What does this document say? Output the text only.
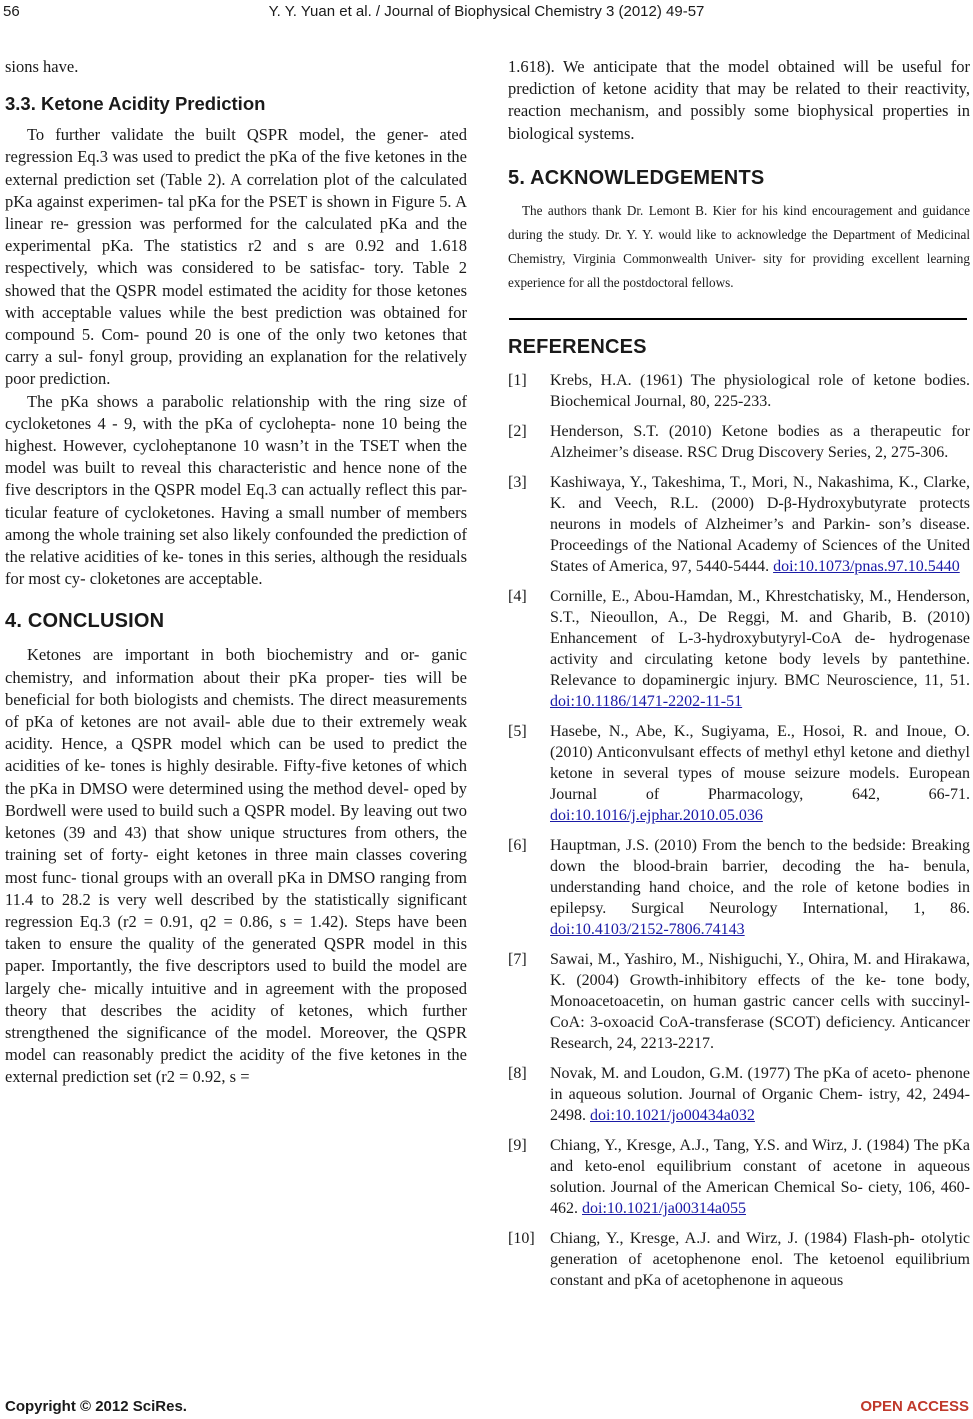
56	Y. Y. Yuan et al. / Journal of Biophysical Chemistry 3 (2012) 49-57

sions have.

3.3. Ketone Acidity Prediction

To further validate the built QSPR model, the gener- ated regression Eq.3 was used to predict the pKa of the five ketones in the external prediction set (Table 2). A correlation plot of the calculated pKa against experimen- tal pKa for the PSET is shown in Figure 5. A linear re- gression was performed for the calculated pKa and the experimental pKa. The statistics r2 and s are 0.92 and 1.618 respectively, which was considered to be satisfac- tory. Table 2 showed that the QSPR model estimated the acidity for those ketones with acceptable values while the best prediction was obtained for compound 5. Com- pound 20 is one of the only two ketones that carry a sul- fonyl group, providing an explanation for the relatively poor prediction.

The pKa shows a parabolic relationship with the ring size of cycloketones 4 - 9, with the pKa of cyclohepta- none 10 being the highest. However, cycloheptanone 10 wasn’t in the TSET when the model was built to reveal this characteristic and hence none of the five descriptors in the QSPR model Eq.3 can actually reflect this par- ticular feature of cycloketones. Having a small number of members among the whole training set also likely confounded the prediction of the relative acidities of ke- tones in this series, although the residuals for most cy- cloketones are acceptable.

4. CONCLUSION

Ketones are important in both biochemistry and or- ganic chemistry, and information about their pKa proper- ties will be beneficial for both biologists and chemists. The direct measurements of pKa of ketones are not avail- able due to their extremely weak acidity. Hence, a QSPR model which can be used to predict the acidities of ke- tones is highly desirable. Fifty-five ketones of which the pKa in DMSO were determined using the method devel- oped by Bordwell were used to build such a QSPR model. By leaving out two ketones (39 and 43) that show unique structures from others, the training set of forty- eight ketones in three main classes covering most func- tional groups with an overall pKa in DMSO ranging from 11.4 to 28.2 is very well described by the statistically significant regression Eq.3 (r2 = 0.91, q2 = 0.86, s = 1.42). Steps have been taken to ensure the quality of the generated QSPR model in this paper. Importantly, the five descriptors used to build the model are largely che- mically intuitive and in agreement with the proposed theory that describes the acidity of ketones, which further strengthened the significance of the model. Moreover, the QSPR model can reasonably predict the acidity of the five ketones in the external prediction set (r2 = 0.92, s =

1.618). We anticipate that the model obtained will be useful for prediction of ketone acidity that may be related to their reactivity, reaction mechanism, and possibly some biophysical properties in biological systems.

5. ACKNOWLEDGEMENTS

The authors thank Dr. Lemont B. Kier for his kind encouragement and guidance during the study. Dr. Y. Y. would like to acknowledge the Department of Medicinal Chemistry, Virginia Commonwealth Univer- sity for providing excellent learning experience for all the postdoctoral fellows.

REFERENCES
[1]	Krebs, H.A. (1961) The physiological role of ketone bodies. Biochemical Journal, 80, 225-233.
[2]	Henderson, S.T. (2010) Ketone bodies as a therapeutic for Alzheimer’s disease. RSC Drug Discovery Series, 2, 275-306.
[3]	Kashiwaya, Y., Takeshima, T., Mori, N., Nakashima, K., Clarke, K. and Veech, R.L. (2000) D-β-Hydroxybutyrate protects neurons in models of Alzheimer’s and Parkin- son’s disease. Proceedings of the National Academy of Sciences of the United States of America, 97, 5440-5444. doi:10.1073/pnas.97.10.5440
[4]	Cornille, E., Abou-Hamdan, M., Khrestchatisky, M., Henderson, S.T., Nieoullon, A., De Reggi, M. and Gharib, B. (2010) Enhancement of L-3-hydroxybutyryl-CoA de- hydrogenase activity and circulating ketone body levels by pantethine. Relevance to dopaminergic injury. BMC Neuroscience, 11, 51. doi:10.1186/1471-2202-11-51
[5]	Hasebe, N., Abe, K., Sugiyama, E., Hosoi, R. and Inoue, O. (2010) Anticonvulsant effects of methyl ethyl ketone and diethyl ketone in several types of mouse seizure models. European Journal of Pharmacology, 642, 66-71. doi:10.1016/j.ejphar.2010.05.036
[6]	Hauptman, J.S. (2010) From the bench to the bedside: Breaking down the blood-brain barrier, decoding the ha- benula, understanding hand choice, and the role of ketone bodies in epilepsy. Surgical Neurology International, 1, 86. doi:10.4103/2152-7806.74143
[7]	Sawai, M., Yashiro, M., Nishiguchi, Y., Ohira, M. and Hirakawa, K. (2004) Growth-inhibitory effects of the ke- tone body, Monoacetoacetin, on human gastric cancer cells with succinyl-CoA: 3-oxoacid CoA-transferase (SCOT) deficiency. Anticancer Research, 24, 2213-2217.
[8]	Novak, M. and Loudon, G.M. (1977) The pKa of aceto- phenone in aqueous solution. Journal of Organic Chem- istry, 42, 2494-2498. doi:10.1021/jo00434a032
[9]	Chiang, Y., Kresge, A.J., Tang, Y.S. and Wirz, J. (1984) The pKa and keto-enol equilibrium constant of acetone in aqueous solution. Journal of the American Chemical So- ciety, 106, 460-462. doi:10.1021/ja00314a055
[10] Chiang, Y., Kresge, A.J. and Wirz, J. (1984) Flash-ph- otolytic generation of acetophenone enol. The ketoenol equilibrium constant and pKa of acetophenone in aqueous
Copyright © 2012 SciRes.	OPEN ACCESS
